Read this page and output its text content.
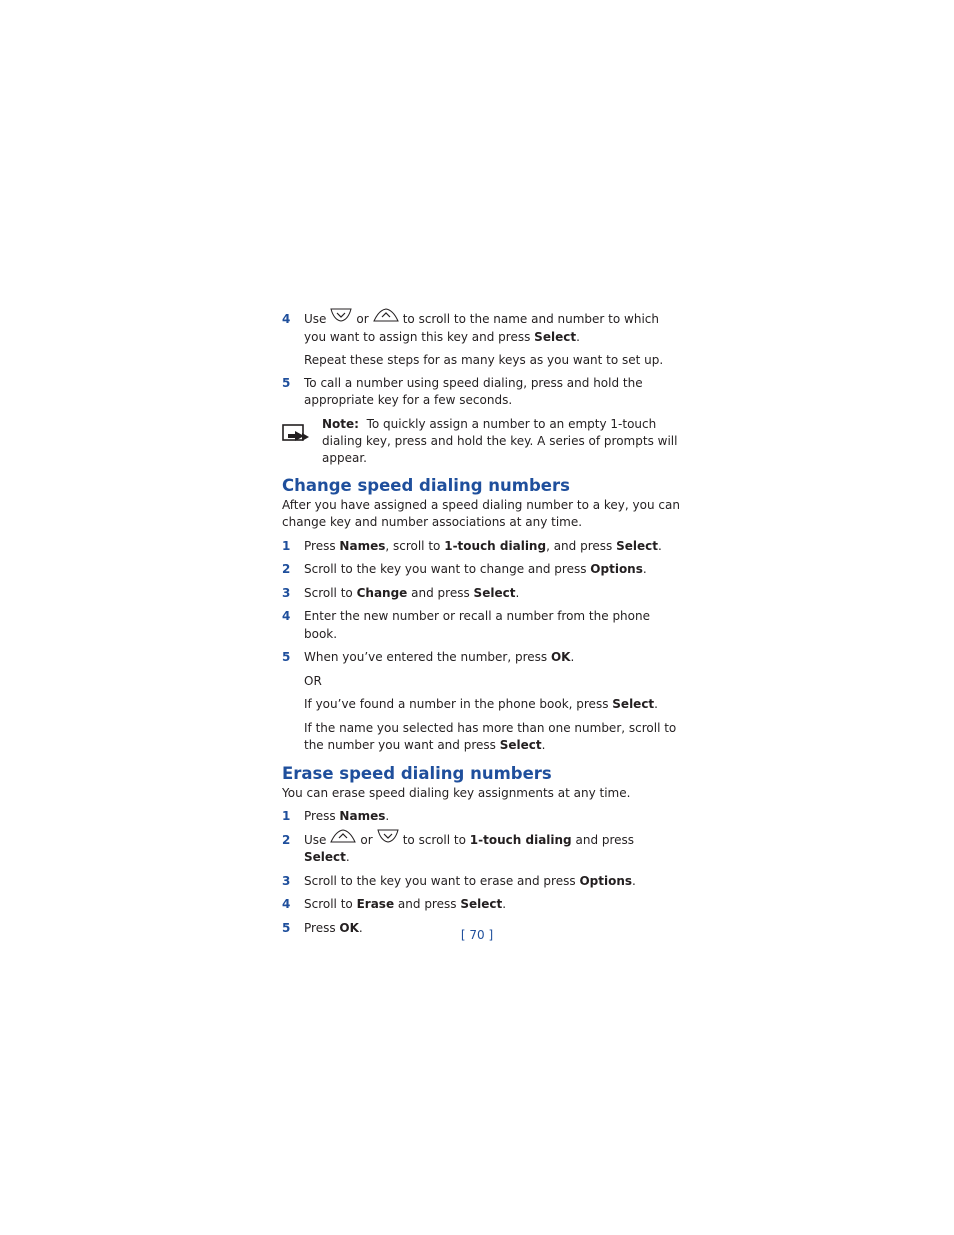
4 Use	or	to scroll to the name and number to which you want to assign this key and press Select.
Repeat these steps for as many keys as you want to set up.
5 To call a number using speed dialing, press and hold the appropriate key for a few seconds.
Note: To quickly assign a number to an empty 1-touch dialing key, press and hold the key. A series of prompts will appear.
Change speed dialing numbers
After you have assigned a speed dialing number to a key, you can change key and number associations at any time.
1 Press Names, scroll to 1-touch dialing, and press Select.
2 Scroll to the key you want to change and press Options.
3 Scroll to Change and press Select.
4 Enter the new number or recall a number from the phone book.
5 When you’ve entered the number, press OK.
OR
If you’ve found a number in the phone book, press Select.
If the name you selected has more than one number, scroll to the number you want and press Select.
Erase speed dialing numbers
You can erase speed dialing key assignments at any time.
1 Press Names.
2 Use	or	to scroll to 1-touch dialing and press Select.
3 Scroll to the key you want to erase and press Options.
4 Scroll to Erase and press Select.
5 Press OK.
[ 70 ]
